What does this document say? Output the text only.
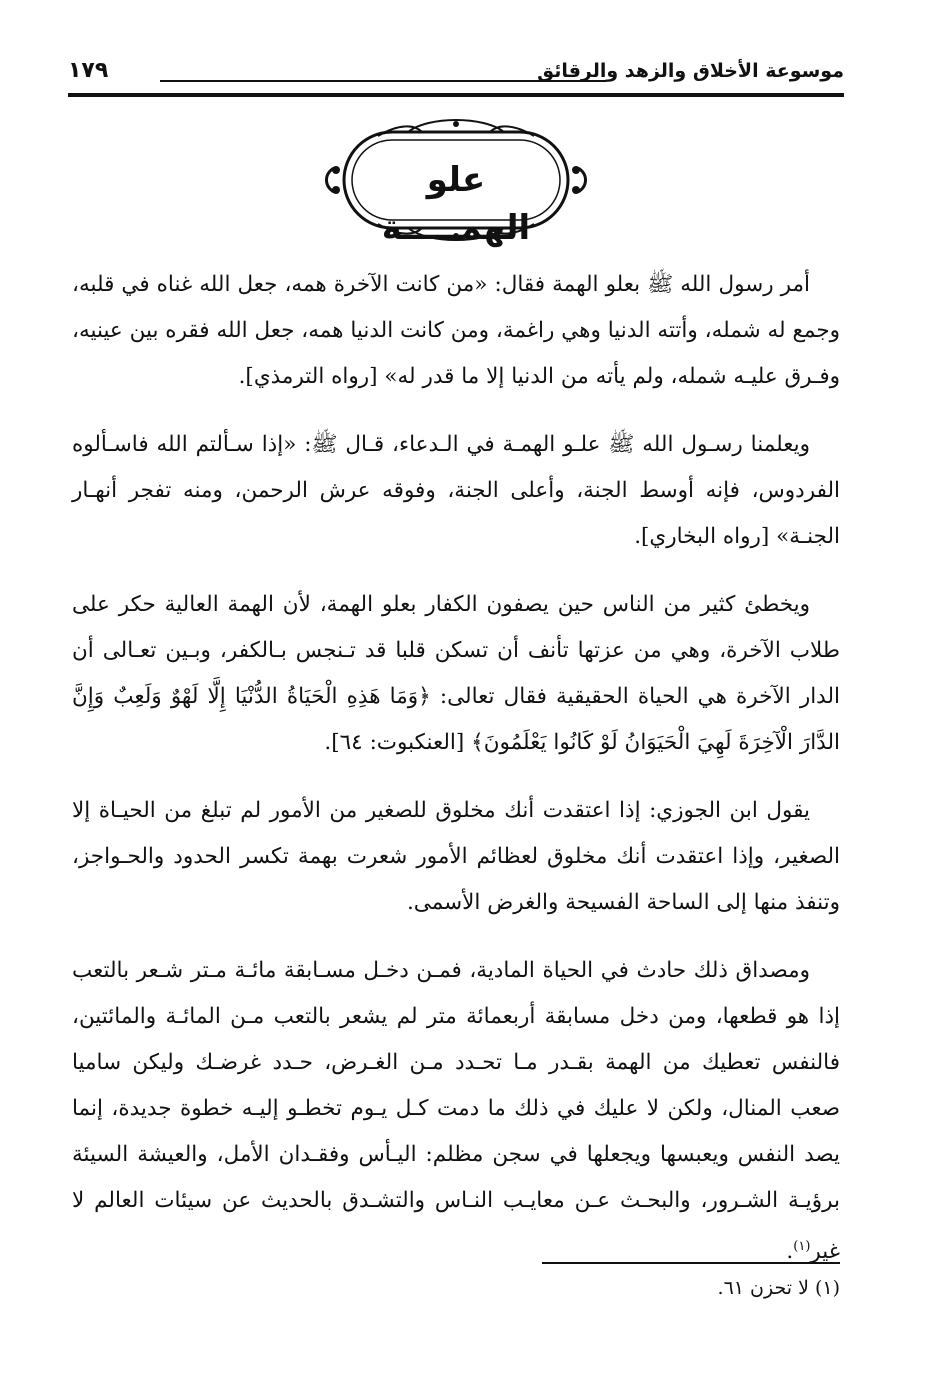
موسوعة الأخلاق والزهد والرقائق
١٧٩
علو الهمـــــة

أمر رسول الله ﷺ بعلو الهمة فقال: «من كانت الآخرة همه، جعل الله غناه في قلبه، وجمع له شمله، وأتته الدنيا وهي راغمة، ومن كانت الدنيا همه، جعل الله فقره بين عينيه، وفـرق عليـه شمله، ولم يأته من الدنيا إلا ما قدر له» [رواه الترمذي].

ويعلمنا رسـول الله ﷺ علـو الهمـة في الـدعاء، قـال ﷺ: «إذا سـألتم الله فاسـألوه الفردوس، فإنه أوسط الجنة، وأعلى الجنة، وفوقه عرش الرحمن، ومنه تفجر أنهـار الجنـة» [رواه البخاري].

ويخطئ كثير من الناس حين يصفون الكفار بعلو الهمة، لأن الهمة العالية حكر على طلاب الآخرة، وهي من عزتها تأنف أن تسكن قلبا قد تـنجس بـالكفر، وبـين تعـالى أن الدار الآخرة هي الحياة الحقيقية فقال تعالى: ﴿وَمَا هَذِهِ الْحَيَاةُ الدُّنْيَا إِلَّا لَهْوٌ وَلَعِبٌ وَإِنَّ الدَّارَ الْآخِرَةَ لَهِيَ الْحَيَوَانُ لَوْ كَانُوا يَعْلَمُونَ﴾ [العنكبوت: ٦٤].

يقول ابن الجوزي: إذا اعتقدت أنك مخلوق للصغير من الأمور لم تبلغ من الحيـاة إلا الصغير، وإذا اعتقدت أنك مخلوق لعظائم الأمور شعرت بهمة تكسر الحدود والحـواجز، وتنفذ منها إلى الساحة الفسيحة والغرض الأسمى.

ومصداق ذلك حادث في الحياة المادية، فمـن دخـل مسـابقة مائـة مـتر شـعر بالتعب إذا هو قطعها، ومن دخل مسابقة أربعمائة متر لم يشعر بالتعب مـن المائـة والمائتين، فالنفس تعطيك من الهمة بقـدر مـا تحـدد مـن الغـرض، حـدد غرضـك وليكن ساميا صعب المنال، ولكن لا عليك في ذلك ما دمت كـل يـوم تخطـو إليـه خطوة جديدة، إنما يصد النفس ويعبسها ويجعلها في سجن مظلم: اليـأس وفقـدان الأمل، والعيشة السيئة برؤيـة الشـرور، والبحـث عـن معايـب النـاس والتشـدق بالحديث عن سيئات العالم لا غير$^{(١)}$.

(١) لا تحزن ٦١.
